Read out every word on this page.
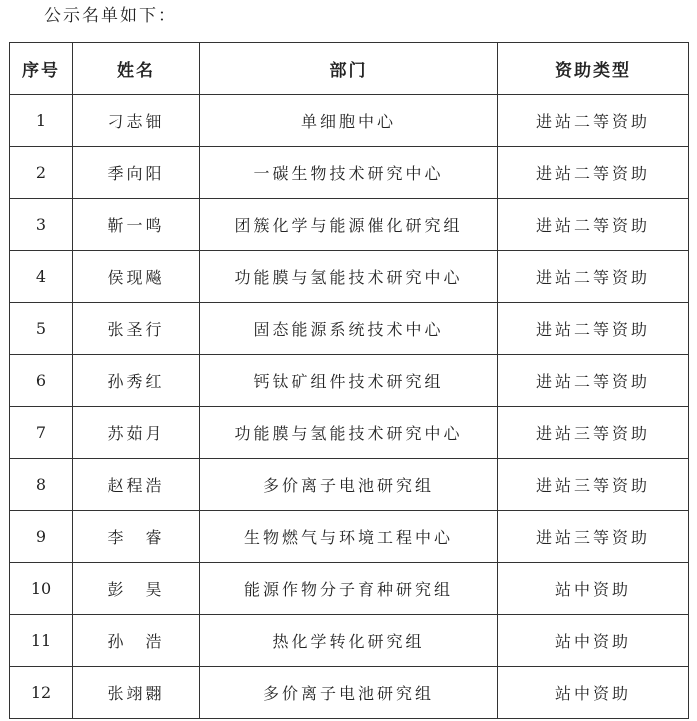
公示名单如下：
序号	姓名	部门	资助类型
1	刁志钿	单细胞中心	进站二等资助
2	季向阳	一碳生物技术研究中心	进站二等资助
3	靳一鸣	团簇化学与能源催化研究组	进站二等资助
4	侯现飚	功能膜与氢能技术研究中心	进站二等资助
5	张圣行	固态能源系统技术中心	进站二等资助
6	孙秀红	钙钛矿组件技术研究组	进站二等资助
7	苏茹月	功能膜与氢能技术研究中心	进站三等资助
8	赵程浩	多价离子电池研究组	进站三等资助
9	李　睿	生物燃气与环境工程中心	进站三等资助
10	彭　昊	能源作物分子育种研究组	站中资助
11	孙　浩	热化学转化研究组	站中资助
12	张翊翾	多价离子电池研究组	站中资助
